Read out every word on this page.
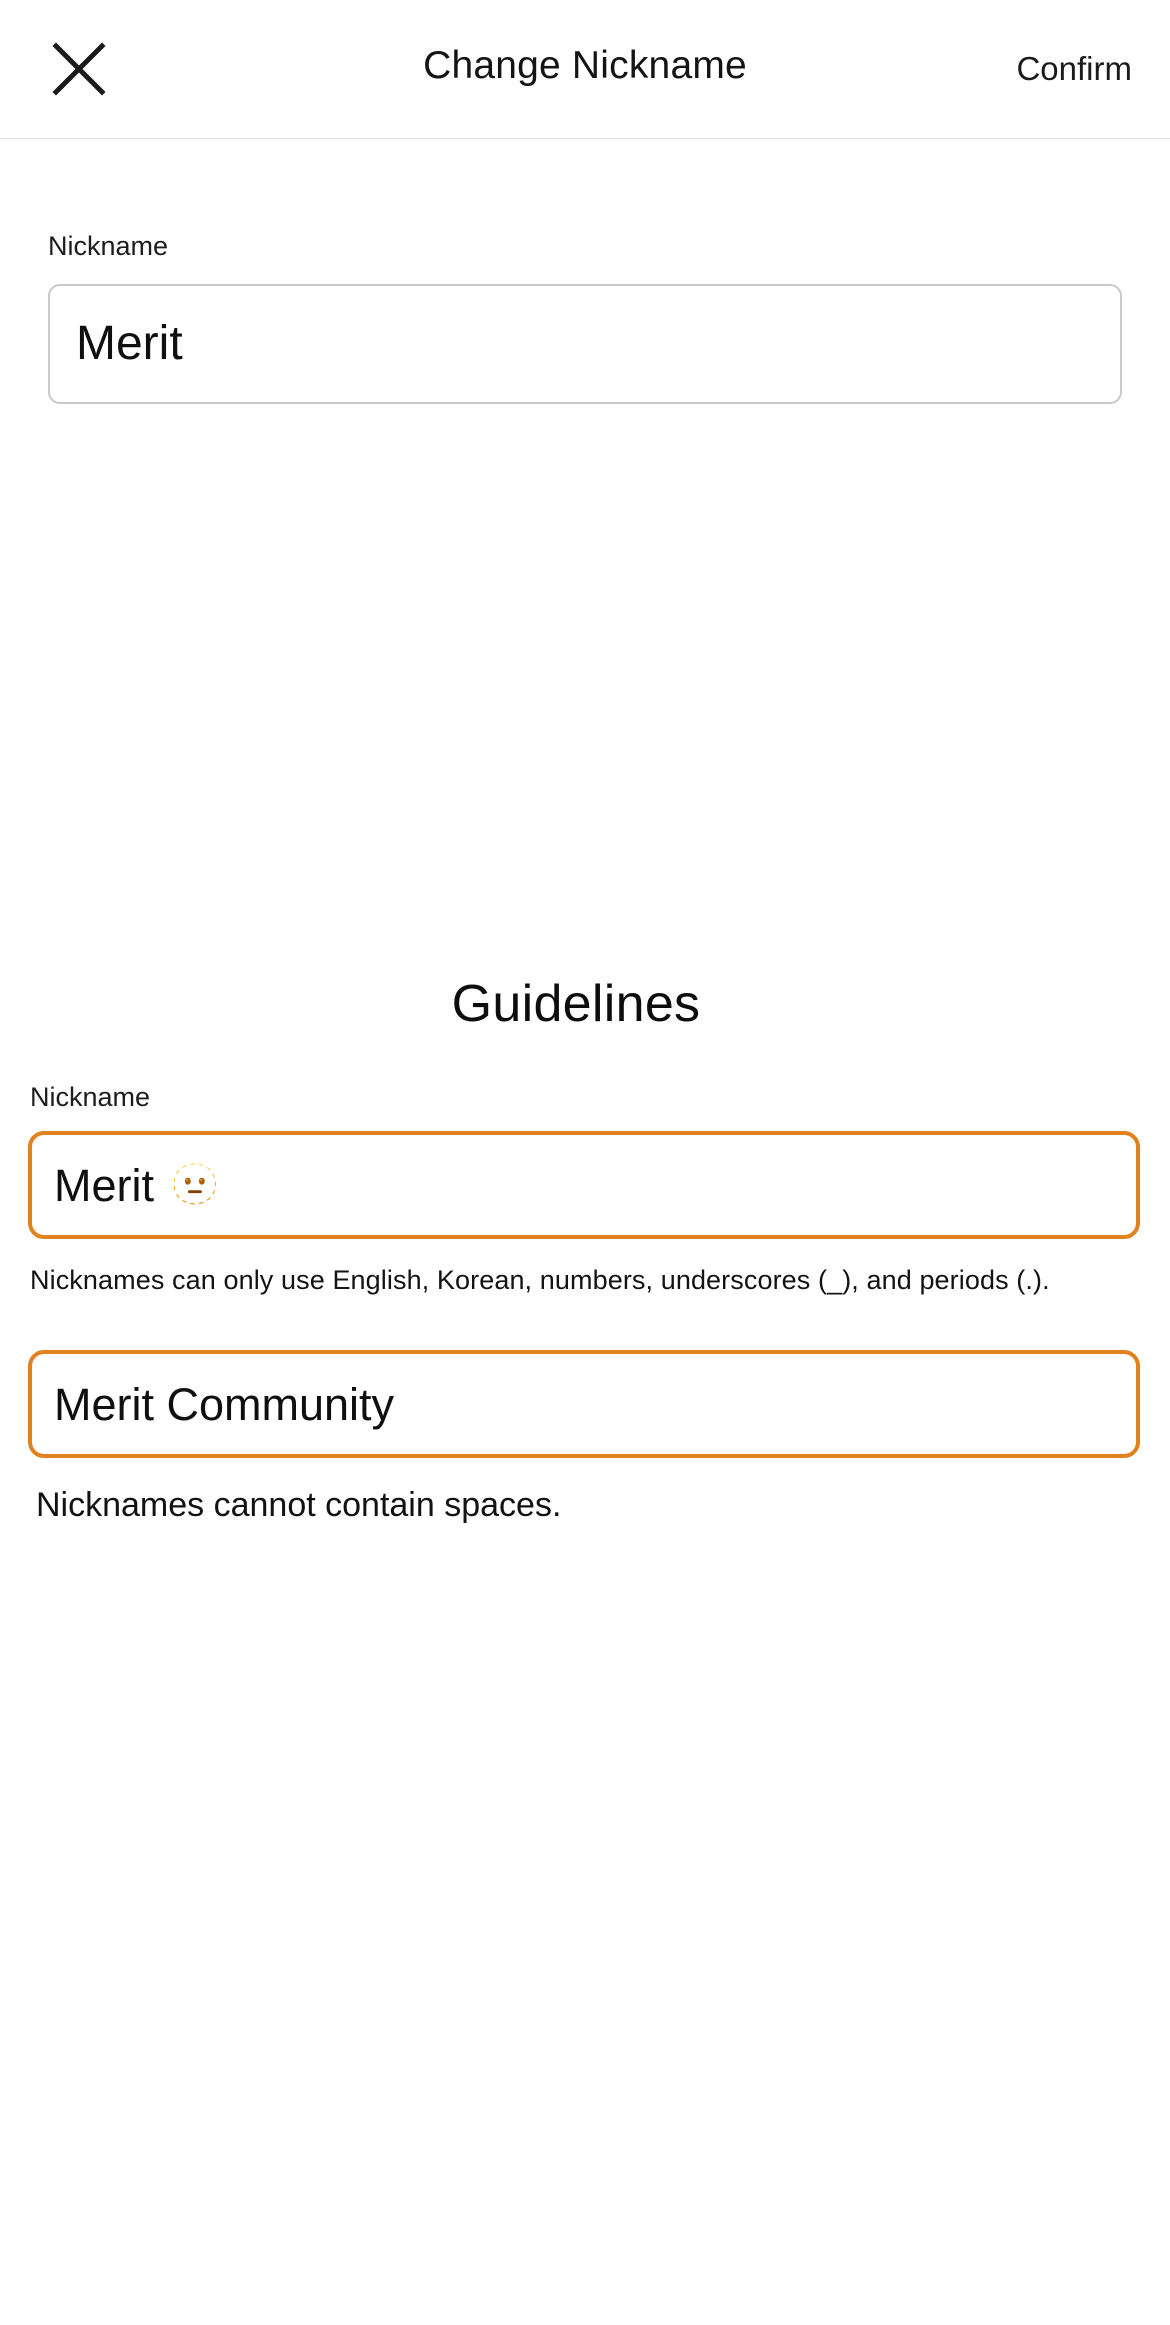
Change Nickname	Confirm
Nickname
Merit
Guidelines
Nickname
Merit 🫥
Nicknames can only use English, Korean, numbers, underscores (_), and periods (.).
Merit Community
Nicknames cannot contain spaces.
